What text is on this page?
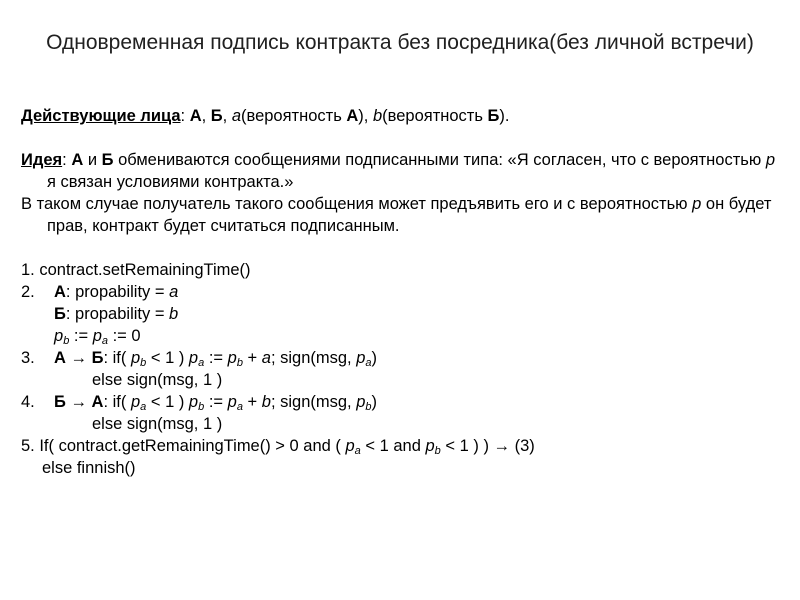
Одновременная подпись контракта без посредника(без личной встречи)

Действующие лица: А, Б, a(вероятность А), b(вероятность Б).

Идея: А и Б обмениваются сообщениями подписанными типа: «Я согласен, что с вероятностью p я связан условиями контракта.»

В таком случае получатель такого сообщения может предъявить его и с вероятностью p он будет прав, контракт будет считаться подписанным.

1. contract.setRemainingTime()

2. А: propability = a

Б: propability = b

$p_b$ := $p_a$ := 0

3. А → Б: if( $p_b < 1$ ) $p_a$ := $p_b + a$; sign(msg, $p_a$)

else sign(msg, 1 )

4. Б → А: if( $p_a < 1$ ) $p_b$ := $p_a + b$; sign(msg, $p_b$)

else sign(msg, 1 )

5. If( contract.getRemainingTime() > 0 and ( $p_a < 1$ and $p_b < 1$ ) ) → (3)

else finnish()
